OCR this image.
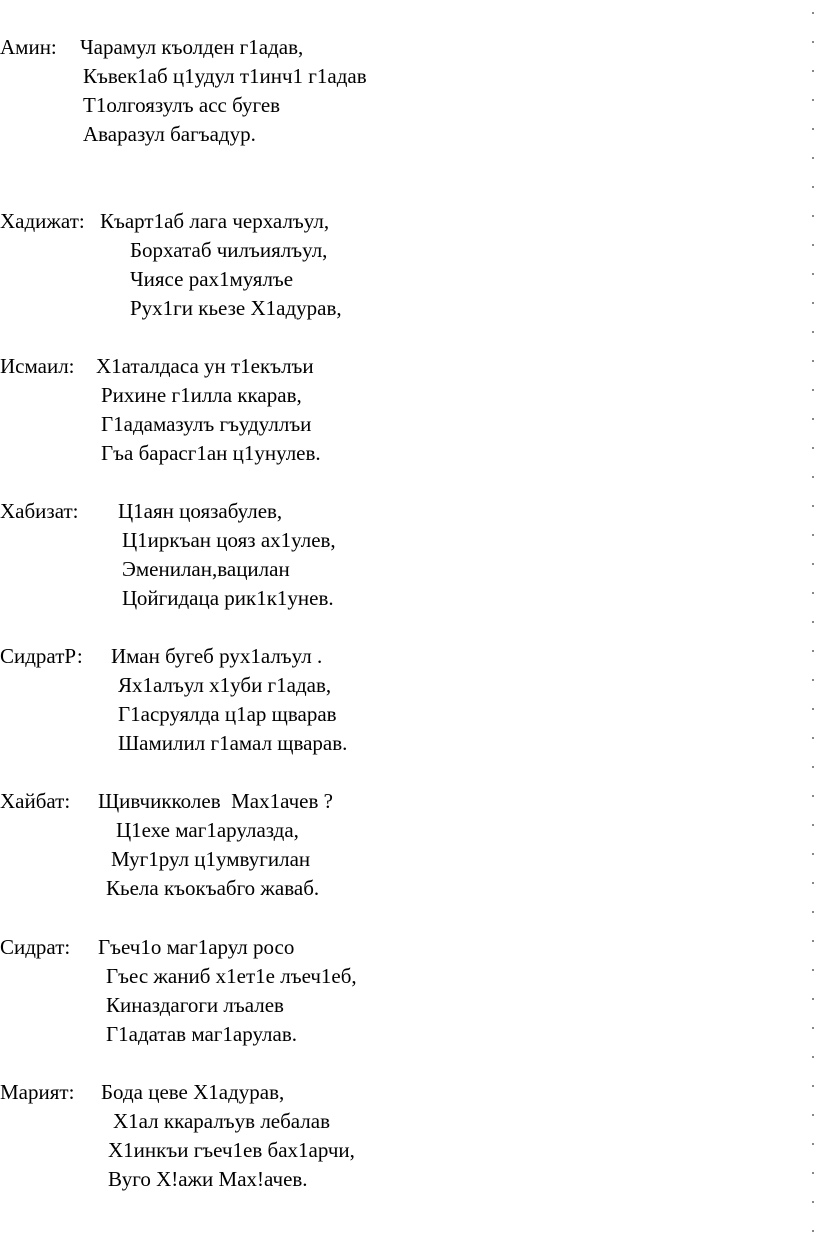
Амин: Чарамул къолден г1адав,
Къвек1аб ц1удул т1инч1 г1адав
Т1олгоязулъ асс бугев
Аваразул багъадур.
Хадижат: Къарт1аб лага черхалъул,
Борхатаб чилъиялъул,
Чиясе рах1муялъе
Рух1ги кьезе Х1адурав,
Исмаил: Х1аталдаса ун т1екълъи
Рихине г1илла ккарав,
Г1адамазулъ гъудуллъи
Гъа барасг1ан ц1унулев.
Хабизат: Ц1аян цоязабулев,
Ц1иркъан цояз ах1улев,
Эменилан,вацилан
Цойгидаца рик1к1унев.
СидратР: Иман бугеб рух1алъул .
Ях1алъул х1уби г1адав,
Г1асруялда ц1ар щварав
Шамилил г1амал щварав.
Хайбат: Щивчикколев  Мах1ачев ?
Ц1ехе маг1арулазда,
Муг1рул ц1умвугилан
Кьела къокъабго жаваб.
Сидрат: Гъеч1о маг1арул росо
Гъес жаниб х1ет1е лъеч1еб,
Киназдагоги лъалев
Г1адатав маг1арулав.
Марият: Бода цеве Х1адурав,
Х1ал ккаралъув лебалав
Х1инкъи гъеч1ев бах1арчи,
Вуго Х!ажи Мах!ачев.
